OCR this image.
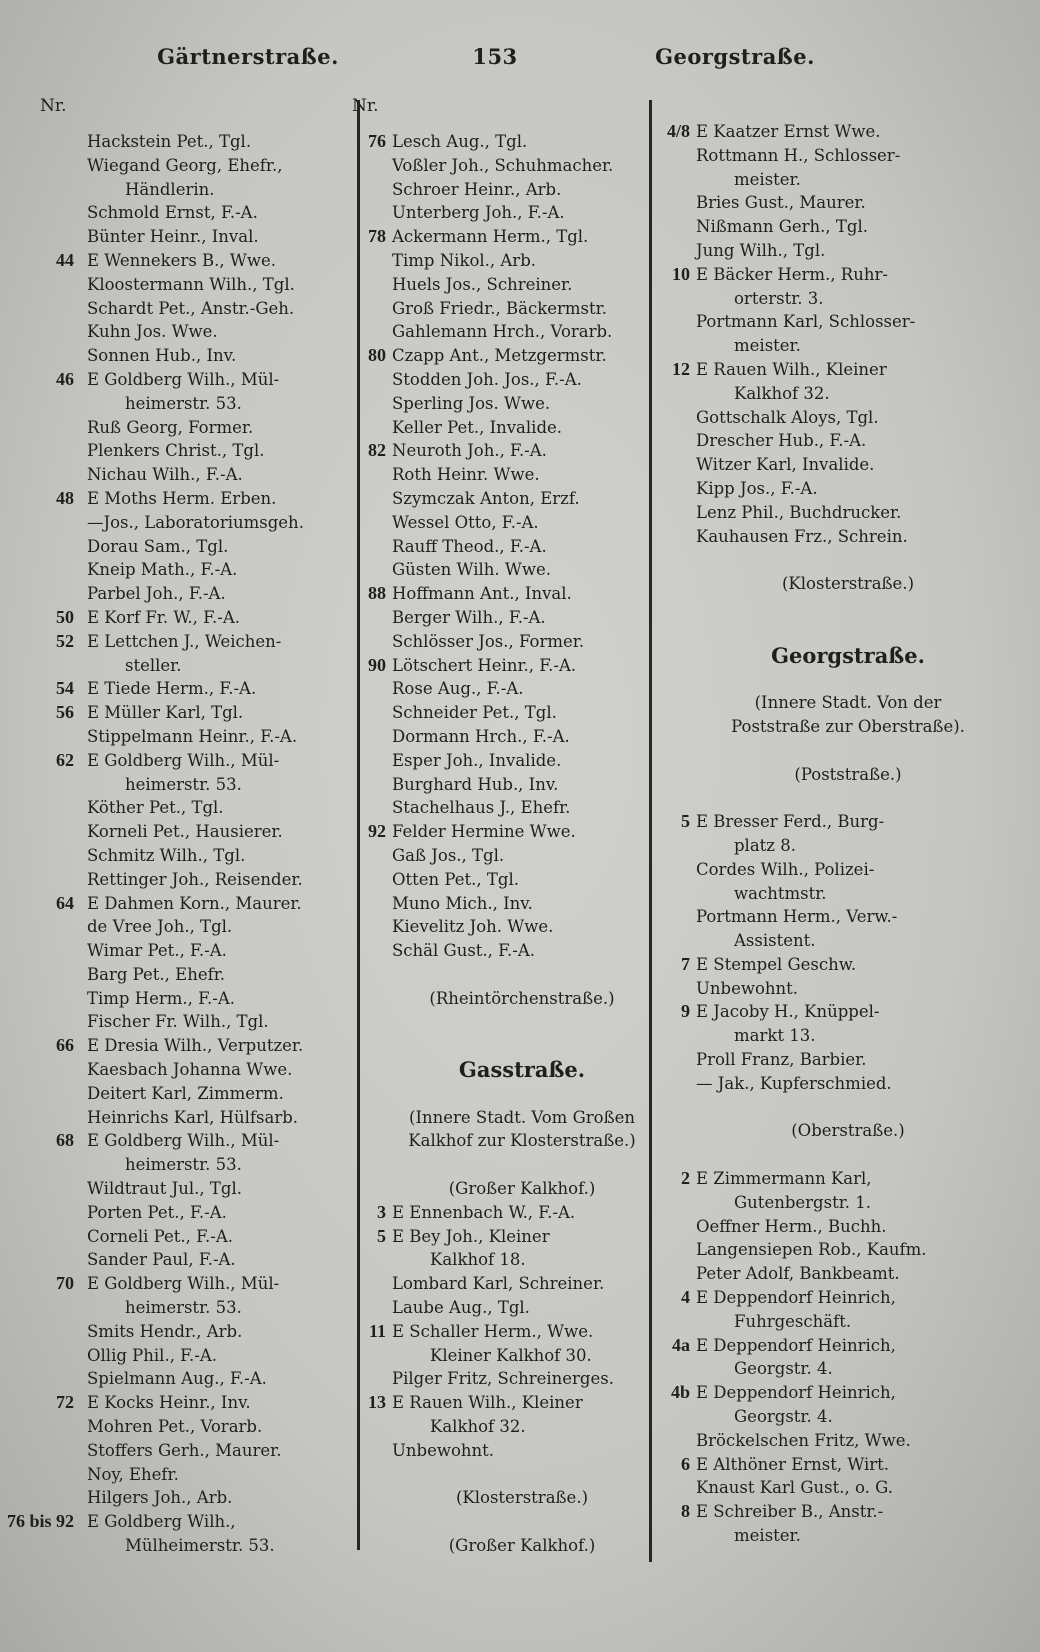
Gärtnerstraße.	153	Georgstraße.
Nr.
Hackstein Pet., Tgl.
Wiegand Georg, Ehefr.,
Händlerin.
Schmold Ernst, F.-A.
Bünter Heinr., Inval.
44 E Wennekers B., Wwe.
Kloostermann Wilh., Tgl.
Schardt Pet., Anstr.-Geh.
Kuhn Jos. Wwe.
Sonnen Hub., Inv.
46 E Goldberg Wilh., Mül-
heimerstr. 53.
Ruß Georg, Former.
Plenkers Christ., Tgl.
Nichau Wilh., F.-A.
48 E Moths Herm. Erben.
—Jos., Laboratoriumsgeh.
Dorau Sam., Tgl.
Kneip Math., F.-A.
Parbel Joh., F.-A.
50 E Korf Fr. W., F.-A.
52 E Lettchen J., Weichen-
steller.
54 E Tiede Herm., F.-A.
56 E Müller Karl, Tgl.
Stippelmann Heinr., F.-A.
62 E Goldberg Wilh., Mül-
heimerstr. 53.
Köther Pet., Tgl.
Korneli Pet., Hausierer.
Schmitz Wilh., Tgl.
Rettinger Joh., Reisender.
64 E Dahmen Korn., Maurer.
de Vree Joh., Tgl.
Wimar Pet., F.-A.
Barg Pet., Ehefr.
Timp Herm., F.-A.
Fischer Fr. Wilh., Tgl.
66 E Dresia Wilh., Verputzer.
Kaesbach Johanna Wwe.
Deitert Karl, Zimmerm.
Heinrichs Karl, Hülfsarb.
68 E Goldberg Wilh., Mül-
heimerstr. 53.
Wildtraut Jul., Tgl.
Porten Pet., F.-A.
Corneli Pet., F.-A.
Sander Paul, F.-A.
70 E Goldberg Wilh., Mül-
heimerstr. 53.
Smits Hendr., Arb.
Ollig Phil., F.-A.
Spielmann Aug., F.-A.
72 E Kocks Heinr., Inv.
Mohren Pet., Vorarb.
Stoffers Gerh., Maurer.
Noy, Ehefr.
Hilgers Joh., Arb.
76 bis 92 E Goldberg Wilh.,
Mülheimerstr. 53.
Nr.
76 Lesch Aug., Tgl.
Voßler Joh., Schuhmacher.
Schroer Heinr., Arb.
Unterberg Joh., F.-A.
78 Ackermann Herm., Tgl.
Timp Nikol., Arb.
Huels Jos., Schreiner.
Groß Friedr., Bäckermstr.
Gahlemann Hrch., Vorarb.
80 Czapp Ant., Metzgermstr.
Stodden Joh. Jos., F.-A.
Sperling Jos. Wwe.
Keller Pet., Invalide.
82 Neuroth Joh., F.-A.
Roth Heinr. Wwe.
Szymczak Anton, Erzf.
Wessel Otto, F.-A.
Rauff Theod., F.-A.
Güsten Wilh. Wwe.
88 Hoffmann Ant., Inval.
Berger Wilh., F.-A.
Schlösser Jos., Former.
90 Lötschert Heinr., F.-A.
Rose Aug., F.-A.
Schneider Pet., Tgl.
Dormann Hrch., F.-A.
Esper Joh., Invalide.
Burghard Hub., Inv.
Stachelhaus J., Ehefr.
92 Felder Hermine Wwe.
Gaß Jos., Tgl.
Otten Pet., Tgl.
Muno Mich., Inv.
Kievelitz Joh. Wwe.
Schäl Gust., F.-A.
(Rheintörchenstraße.)
Gasstraße.
(Innere Stadt. Vom Großen
Kalkhof zur Klosterstraße.)
(Großer Kalkhof.)
3 E Ennenbach W., F.-A.
5 E Bey Joh., Kleiner
Kalkhof 18.
Lombard Karl, Schreiner.
Laube Aug., Tgl.
11 E Schaller Herm., Wwe.
Kleiner Kalkhof 30.
Pilger Fritz, Schreinerges.
13 E Rauen Wilh., Kleiner
Kalkhof 32.
Unbewohnt.
(Klosterstraße.)
(Großer Kalkhof.)
4/8 E Kaatzer Ernst Wwe.
Rottmann H., Schlosser-
meister.
Bries Gust., Maurer.
Nißmann Gerh., Tgl.
Jung Wilh., Tgl.
10 E Bäcker Herm., Ruhr-
orterstr. 3.
Portmann Karl, Schlosser-
meister.
12 E Rauen Wilh., Kleiner
Kalkhof 32.
Gottschalk Aloys, Tgl.
Drescher Hub., F.-A.
Witzer Karl, Invalide.
Kipp Jos., F.-A.
Lenz Phil., Buchdrucker.
Kauhausen Frz., Schrein.
(Klosterstraße.)
Georgstraße.
(Innere Stadt. Von der
Poststraße zur Oberstraße).
(Poststraße.)
5 E Bresser Ferd., Burg-
platz 8.
Cordes Wilh., Polizei-
wachtmstr.
Portmann Herm., Verw.-
Assistent.
7 E Stempel Geschw.
Unbewohnt.
9 E Jacoby H., Knüppel-
markt 13.
Proll Franz, Barbier.
— Jak., Kupferschmied.
(Oberstraße.)
2 E Zimmermann Karl,
Gutenbergstr. 1.
Oeffner Herm., Buchh.
Langensiepen Rob., Kaufm.
Peter Adolf, Bankbeamt.
4 E Deppendorf Heinrich,
Fuhrgeschäft.
4a E Deppendorf Heinrich,
Georgstr. 4.
4b E Deppendorf Heinrich,
Georgstr. 4.
Bröckelschen Fritz, Wwe.
6 E Althöner Ernst, Wirt.
Knaust Karl Gust., o. G.
8 E Schreiber B., Anstr.-
meister.
